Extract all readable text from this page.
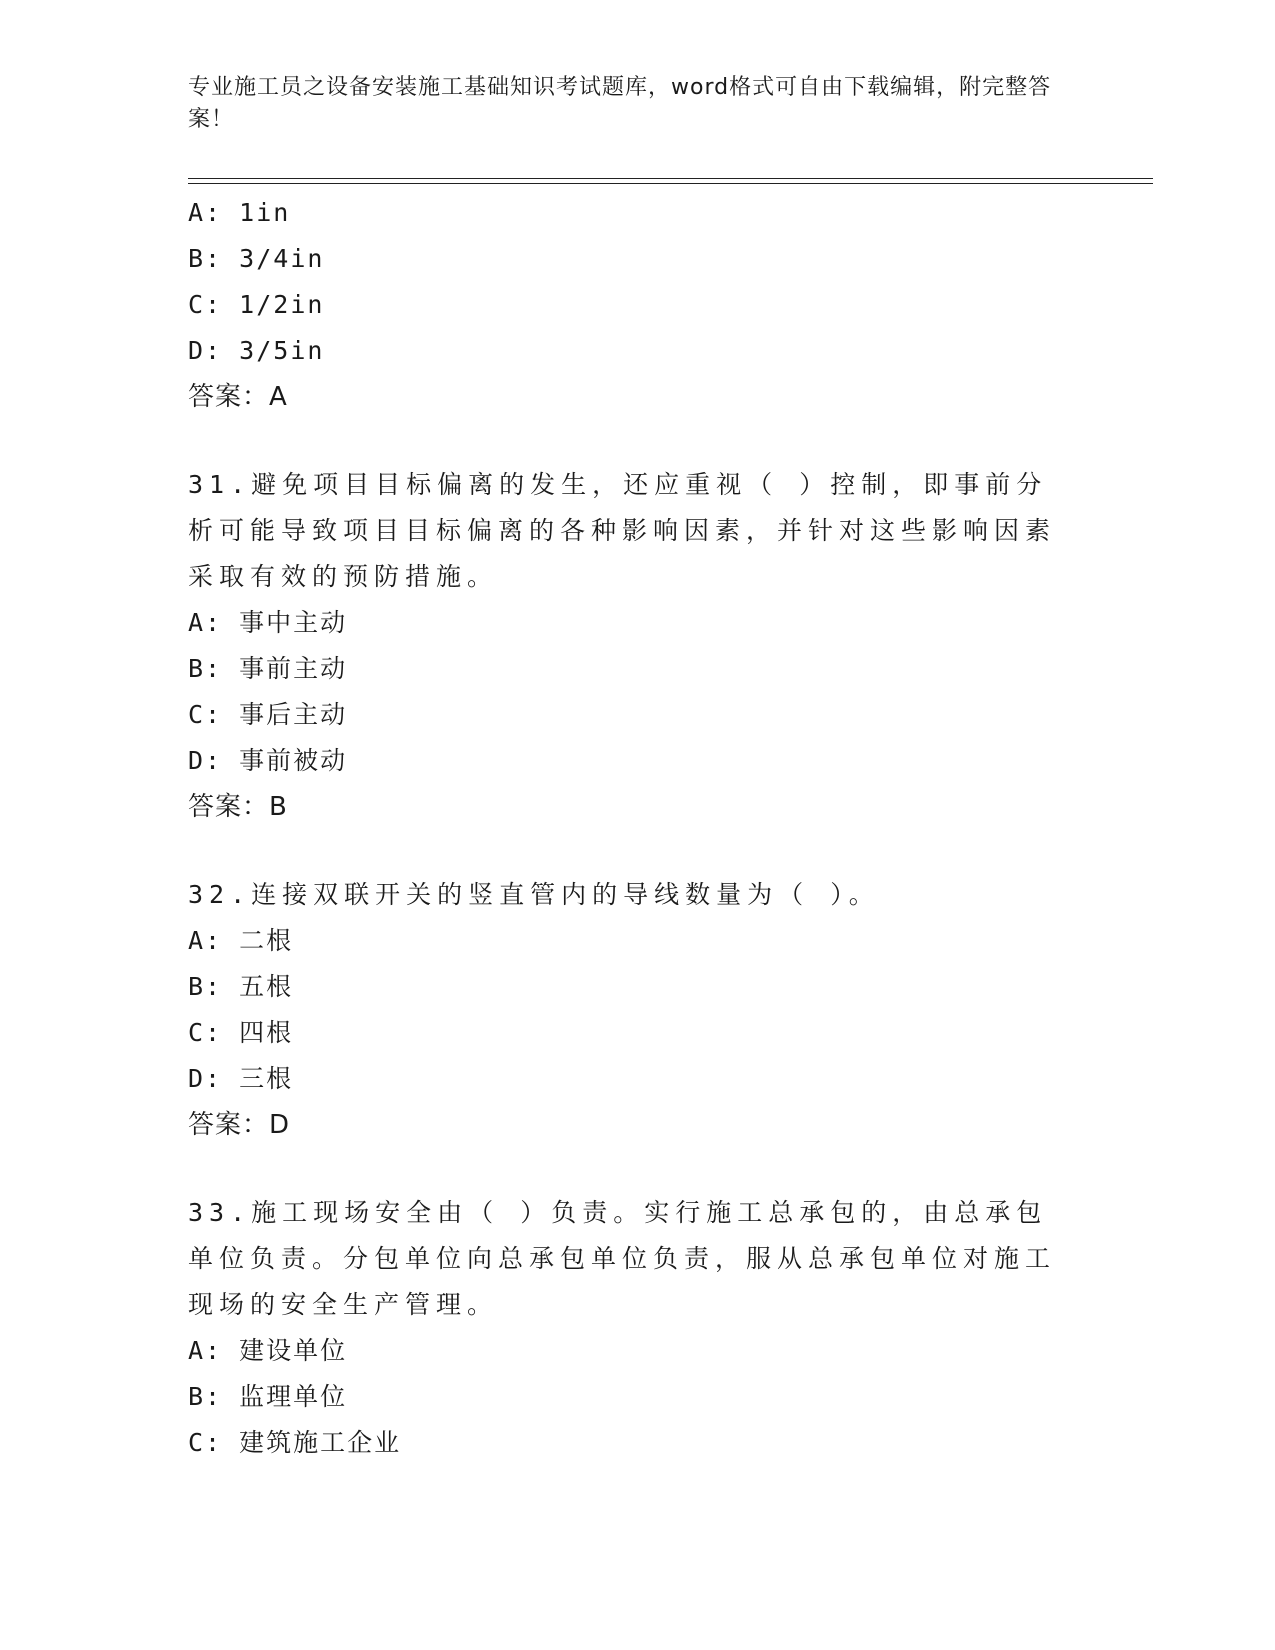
专业施工员之设备安装施工基础知识考试题库，word格式可自由下载编辑，附完整答案！
A: 1in
B: 3/4in
C: 1/2in
D: 3/5in
答案：A
31.避免项目目标偏离的发生，还应重视（ ）控制，即事前分析可能导致项目目标偏离的各种影响因素，并针对这些影响因素采取有效的预防措施。
A: 事中主动
B: 事前主动
C: 事后主动
D: 事前被动
答案：B
32.连接双联开关的竖直管内的导线数量为（ ）。
A: 二根
B: 五根
C: 四根
D: 三根
答案：D
33.施工现场安全由（ ）负责。实行施工总承包的，由总承包单位负责。分包单位向总承包单位负责，服从总承包单位对施工现场的安全生产管理。
A: 建设单位
B: 监理单位
C: 建筑施工企业
